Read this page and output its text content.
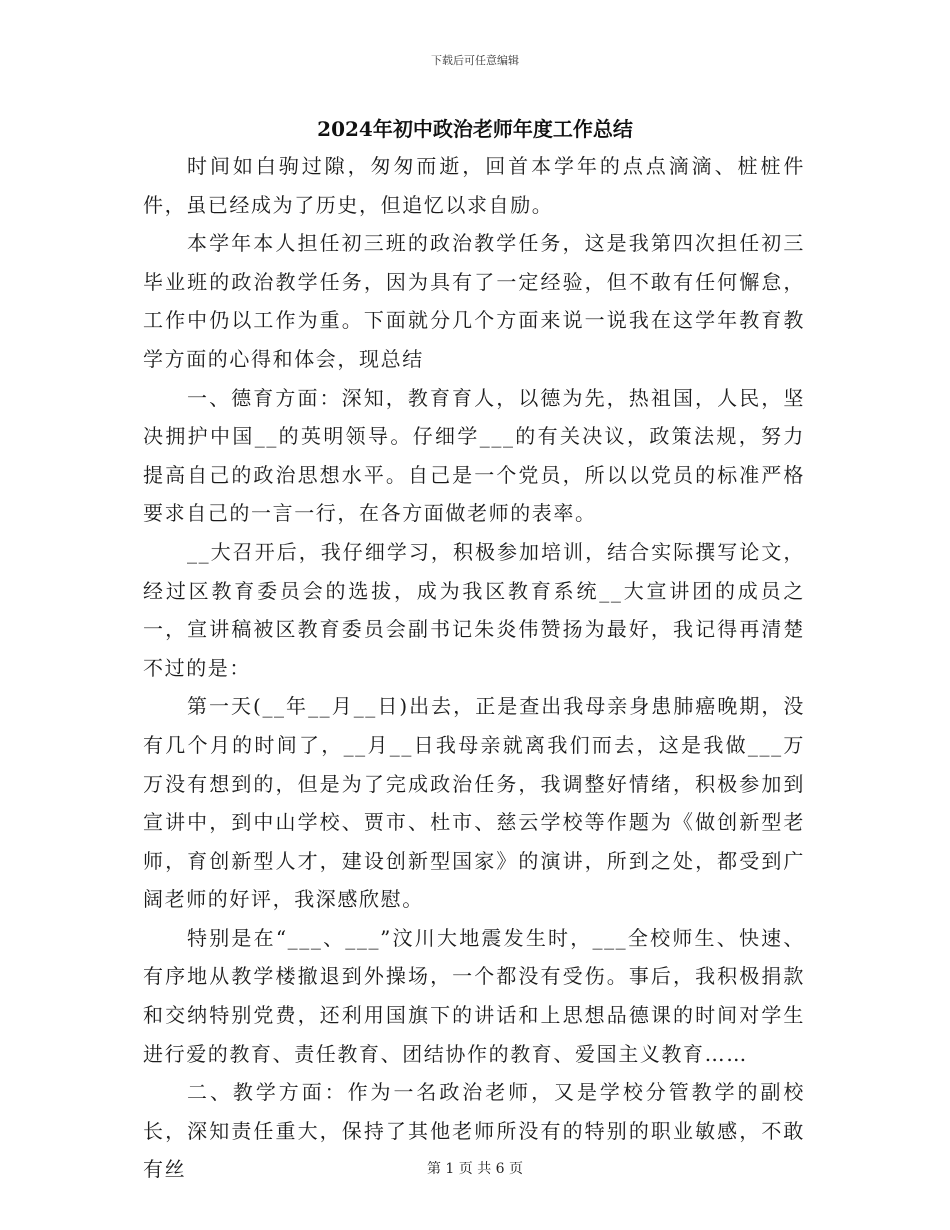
下载后可任意编辑
2024年初中政治老师年度工作总结

时间如白驹过隙，匆匆而逝，回首本学年的点点滴滴、桩桩件件，虽已经成为了历史，但追忆以求自励。

本学年本人担任初三班的政治教学任务，这是我第四次担任初三毕业班的政治教学任务，因为具有了一定经验，但不敢有任何懈怠，工作中仍以工作为重。下面就分几个方面来说一说我在这学年教育教学方面的心得和体会，现总结

一、德育方面：深知，教育育人，以德为先，热祖国，人民，坚决拥护中国__的英明领导。仔细学___的有关决议，政策法规，努力提高自己的政治思想水平。自己是一个党员，所以以党员的标准严格要求自己的一言一行，在各方面做老师的表率。

__大召开后，我仔细学习，积极参加培训，结合实际撰写论文，经过区教育委员会的选拔，成为我区教育系统__大宣讲团的成员之一，宣讲稿被区教育委员会副书记朱炎伟赞扬为最好，我记得再清楚不过的是：

第一天(__年__月__日)出去，正是查出我母亲身患肺癌晚期，没有几个月的时间了，__月__日我母亲就离我们而去，这是我做___万万没有想到的，但是为了完成政治任务，我调整好情绪，积极参加到宣讲中，到中山学校、贾市、杜市、慈云学校等作题为《做创新型老师，育创新型人才，建设创新型国家》的演讲，所到之处，都受到广阔老师的好评，我深感欣慰。

特别是在“___、___”汶川大地震发生时，___全校师生、快速、有序地从教学楼撤退到外操场，一个都没有受伤。事后，我积极捐款和交纳特别党费，还利用国旗下的讲话和上思想品德课的时间对学生进行爱的教育、责任教育、团结协作的教育、爱国主义教育……

二、教学方面：作为一名政治老师，又是学校分管教学的副校长，深知责任重大，保持了其他老师所没有的特别的职业敏感，不敢有丝	第 1 页 共 6 页
